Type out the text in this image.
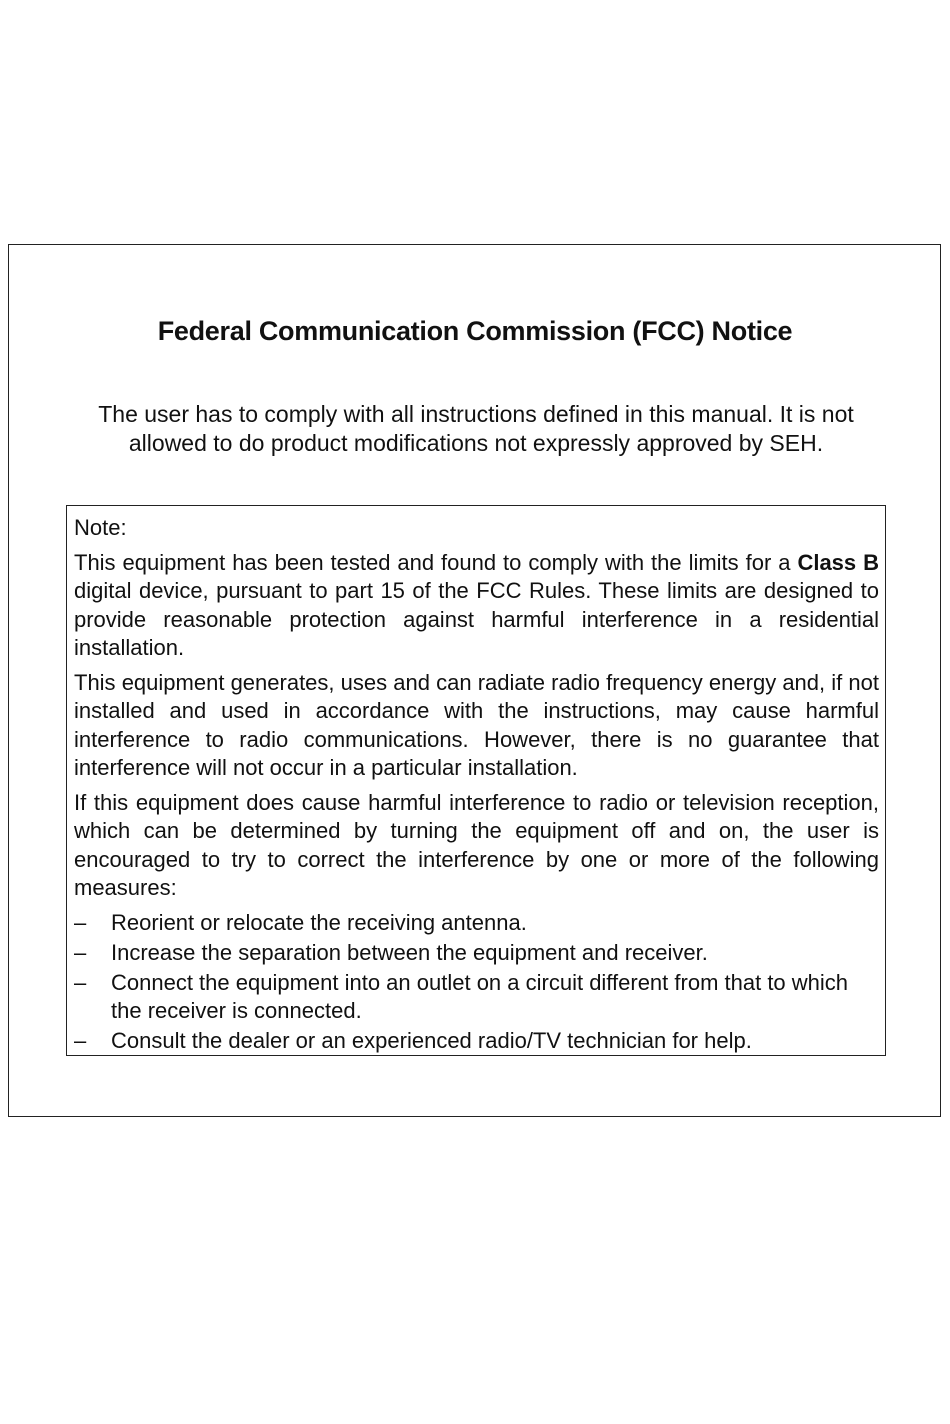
Federal Communication Commission (FCC) Notice
The user has to comply with all instructions defined in this manual. It is not allowed to do product modifications not expressly approved by SEH.
Note:

This equipment has been tested and found to comply with the limits for a Class B digital device, pursuant to part 15 of the FCC Rules. These limits are designed to provide reasonable protection against harmful interference in a residential installation.

This equipment generates, uses and can radiate radio frequency energy and, if not installed and used in accordance with the instructions, may cause harmful interference to radio communications. However, there is no guarantee that interference will not occur in a particular installation.

If this equipment does cause harmful interference to radio or television reception, which can be determined by turning the equipment off and on, the user is encouraged to try to correct the interference by one or more of the following measures:

– Reorient or relocate the receiving antenna.
– Increase the separation between the equipment and receiver.
– Connect the equipment into an outlet on a circuit different from that to which the receiver is connected.
– Consult the dealer or an experienced radio/TV technician for help.
